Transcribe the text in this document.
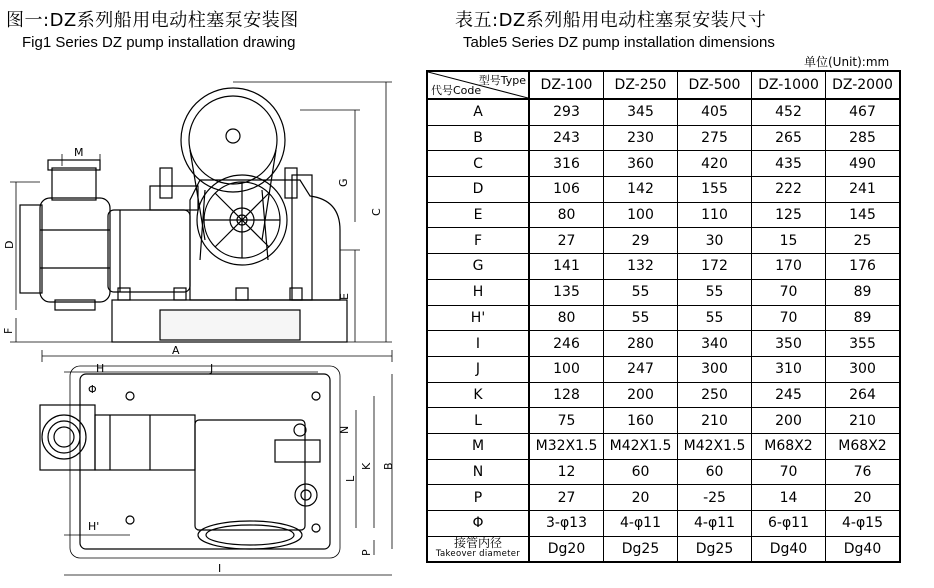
图一:DZ系列船用电动柱塞泵安装图
Fig1 Series DZ pump installation drawing
表五:DZ系列船用电动柱塞泵安装尺寸
Table5 Series DZ pump installation dimensions
单位(Unit):mm
M
G
C
D
E
F
A
H	J
Φ
N
L
K B
H'
P
I
型号Type
代号Code	DZ-100	DZ-250	DZ-500	DZ-1000	DZ-2000
A	293	345	405	452	467
B	243	230	275	265	285
C	316	360	420	435	490
D	106	142	155	222	241
E	80	100	110	125	145
F	27	29	30	15	25
G	141	132	172	170	176
H	135	55	55	70	89
H'	80	55	55	70	89
I	246	280	340	350	355
J	100	247	300	310	300
K	128	200	250	245	264
L	75	160	210	200	210
M	M32X1.5	M42X1.5	M42X1.5	M68X2	M68X2
N	12	60	60	70	76
P	27	20	-25	14	20
Φ	3-φ13	4-φ11	4-φ11	6-φ11	4-φ15

接管内径
Takeover diameter	Dg20	Dg25	Dg25	Dg40	Dg40
